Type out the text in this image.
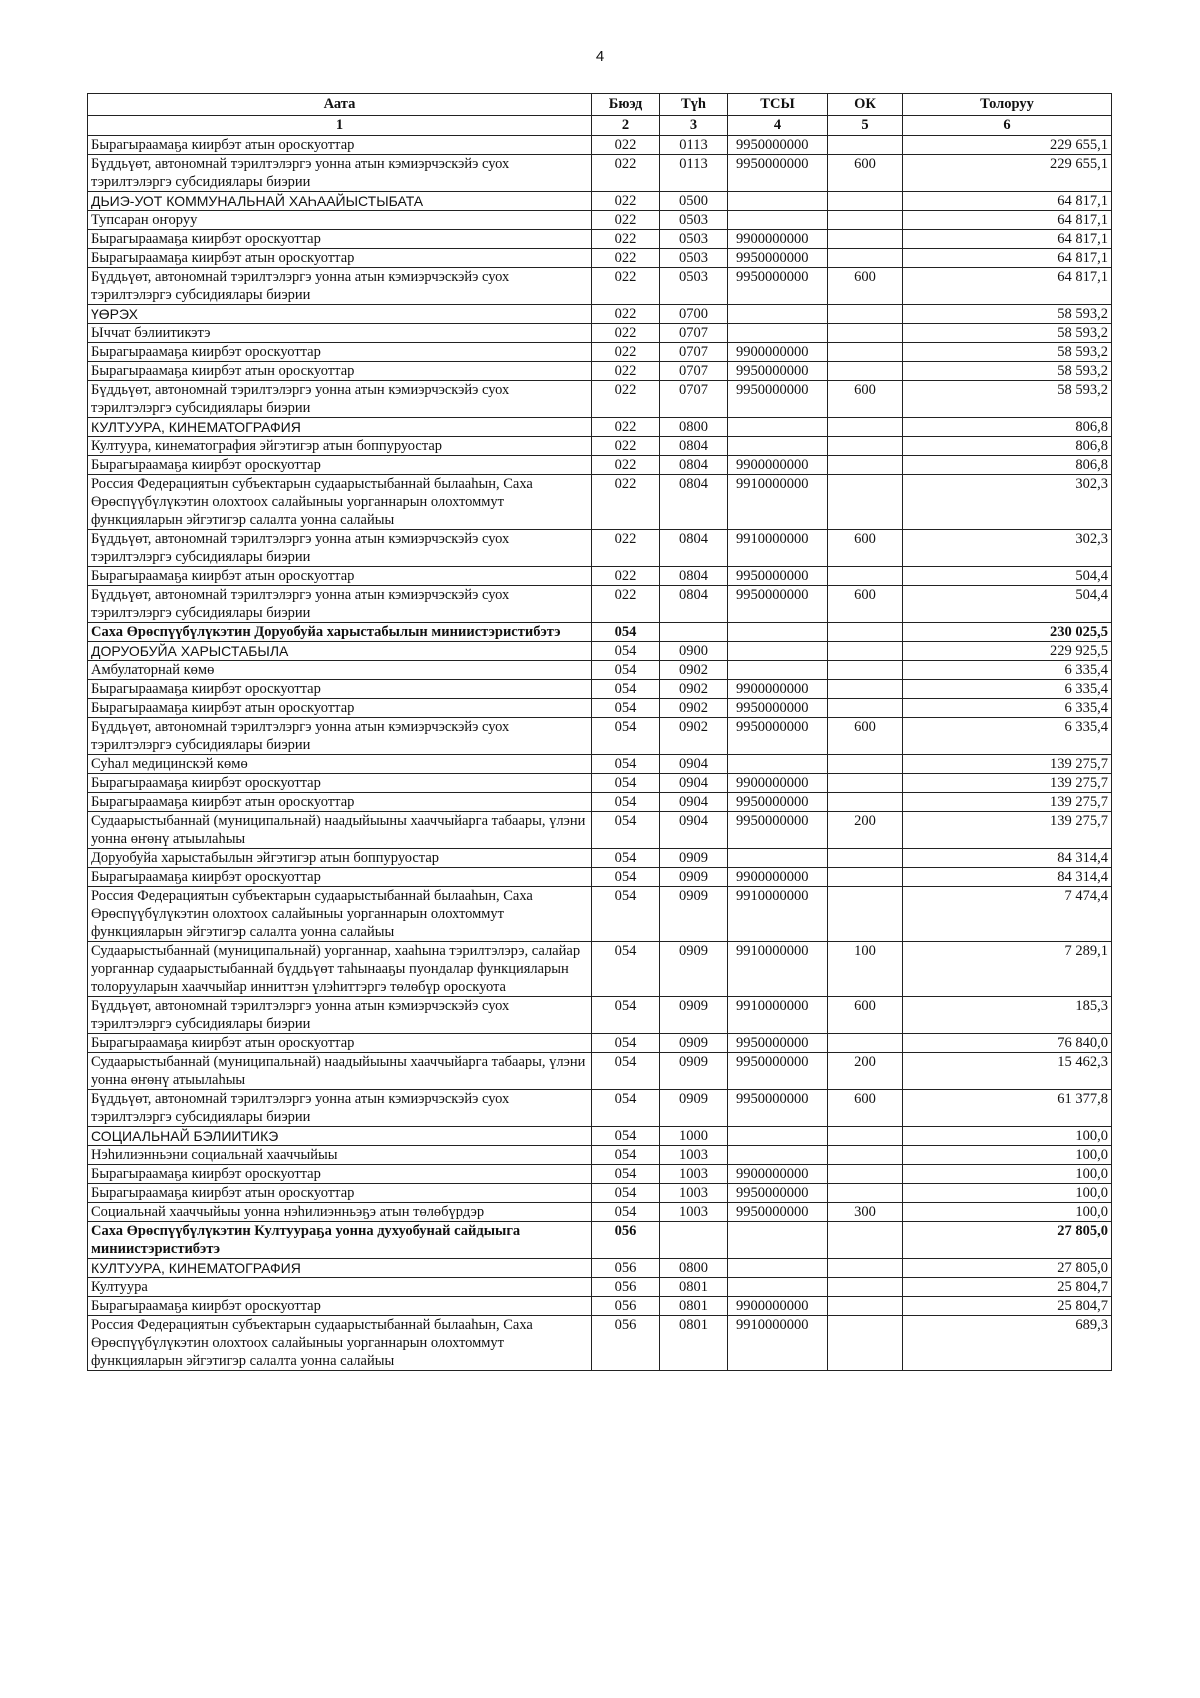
4
Аата	Бюэд	Түһ	ТСЫ	ОК	Толоруу
1	2	3	4	5	6
Бырагыраамаҕа киирбэт атын ороскуоттар	022	0113	9950000000		229 655,1
Бүддьүөт, автономнай тэрилтэлэргэ уонна атын кэмиэрчэскэйэ суох тэрилтэлэргэ субсидиялары биэрии	022	0113	9950000000	600	229 655,1
ДЬИЭ-УОТ КОММУНАЛЬНАЙ ХАҺААЙЫСТЫБАТА	022	0500			64 817,1
Тупсаран оҥоруу	022	0503			64 817,1
Бырагыраамаҕа киирбэт ороскуоттар	022	0503	9900000000		64 817,1
Бырагыраамаҕа киирбэт атын ороскуоттар	022	0503	9950000000		64 817,1
Бүддьүөт, автономнай тэрилтэлэргэ уонна атын кэмиэрчэскэйэ суох тэрилтэлэргэ субсидиялары биэрии	022	0503	9950000000	600	64 817,1
ҮӨРЭХ	022	0700			58 593,2
Ыччат бэлиитикэтэ	022	0707			58 593,2
Бырагыраамаҕа киирбэт ороскуоттар	022	0707	9900000000		58 593,2
Бырагыраамаҕа киирбэт атын ороскуоттар	022	0707	9950000000		58 593,2
Бүддьүөт, автономнай тэрилтэлэргэ уонна атын кэмиэрчэскэйэ суох тэрилтэлэргэ субсидиялары биэрии	022	0707	9950000000	600	58 593,2
КУЛТУУРА, КИНЕМАТОГРАФИЯ	022	0800			806,8
Култуура, кинематография эйгэтигэр атын боппуруостар	022	0804			806,8
Бырагыраамаҕа киирбэт ороскуоттар	022	0804	9900000000		806,8
Россия Федерациятын субъектарын судаарыстыбаннай былааһын, Саха Өрөспүүбүлүкэтин олохтоох салайыныы уорганнарын олохтоммут функцияларын эйгэтигэр салалта уонна салайыы	022	0804	9910000000		302,3
Бүддьүөт, автономнай тэрилтэлэргэ уонна атын кэмиэрчэскэйэ суох тэрилтэлэргэ субсидиялары биэрии	022	0804	9910000000	600	302,3
Бырагыраамаҕа киирбэт атын ороскуоттар	022	0804	9950000000		504,4
Бүддьүөт, автономнай тэрилтэлэргэ уонна атын кэмиэрчэскэйэ суох тэрилтэлэргэ субсидиялары биэрии	022	0804	9950000000	600	504,4
Саха Өрөспүүбүлүкэтин Доруобуйа харыстабылын миниистэристибэтэ	054				230 025,5
ДОРУОБУЙА ХАРЫСТАБЫЛА	054	0900			229 925,5
Амбулаторнай көмө	054	0902			6 335,4
Бырагыраамаҕа киирбэт ороскуоттар	054	0902	9900000000		6 335,4
Бырагыраамаҕа киирбэт атын ороскуоттар	054	0902	9950000000		6 335,4
Бүддьүөт, автономнай тэрилтэлэргэ уонна атын кэмиэрчэскэйэ суох тэрилтэлэргэ субсидиялары биэрии	054	0902	9950000000	600	6 335,4
Суһал медицинскэй көмө	054	0904			139 275,7
Бырагыраамаҕа киирбэт ороскуоттар	054	0904	9900000000		139 275,7
Бырагыраамаҕа киирбэт атын ороскуоттар	054	0904	9950000000		139 275,7
Судаарыстыбаннай (муниципальнай) наадыйыыны хааччыйарга табаары, үлэни уонна өҥөнү атыылаһыы	054	0904	9950000000	200	139 275,7
Доруобуйа харыстабылын эйгэтигэр атын боппуруостар	054	0909			84 314,4
Бырагыраамаҕа киирбэт ороскуоттар	054	0909	9900000000		84 314,4
Россия Федерациятын субъектарын судаарыстыбаннай былааһын, Саха Өрөспүүбүлүкэтин олохтоох салайыныы уорганнарын олохтоммут функцияларын эйгэтигэр салалта уонна салайыы	054	0909	9910000000		7 474,4
Судаарыстыбаннай (муниципальнай) уорганнар, хааһына тэрилтэлэрэ, салайар уорганнар судаарыстыбаннай бүддьүөт таһынааҕы пуондалар функцияларын толорууларын хааччыйар инниттэн үлэһиттэргэ төлөбүр ороскуота	054	0909	9910000000	100	7 289,1
Бүддьүөт, автономнай тэрилтэлэргэ уонна атын кэмиэрчэскэйэ суох тэрилтэлэргэ субсидиялары биэрии	054	0909	9910000000	600	185,3
Бырагыраамаҕа киирбэт атын ороскуоттар	054	0909	9950000000		76 840,0
Судаарыстыбаннай (муниципальнай) наадыйыыны хааччыйарга табаары, үлэни уонна өҥөнү атыылаһыы	054	0909	9950000000	200	15 462,3
Бүддьүөт, автономнай тэрилтэлэргэ уонна атын кэмиэрчэскэйэ суох тэрилтэлэргэ субсидиялары биэрии	054	0909	9950000000	600	61 377,8
СОЦИАЛЬНАЙ БЭЛИИТИКЭ	054	1000			100,0
Нэһилиэнньэни социальнай хааччыйыы	054	1003			100,0
Бырагыраамаҕа киирбэт ороскуоттар	054	1003	9900000000		100,0
Бырагыраамаҕа киирбэт атын ороскуоттар	054	1003	9950000000		100,0
Социальнай хааччыйыы уонна нэһилиэнньэҕэ атын төлөбүрдэр	054	1003	9950000000	300	100,0
Саха Өрөспүүбүлүкэтин Култуураҕа уонна духуобунай сайдыыга миниистэристибэтэ	056				27 805,0
КУЛТУУРА, КИНЕМАТОГРАФИЯ	056	0800			27 805,0
Култуура	056	0801			25 804,7
Бырагыраамаҕа киирбэт ороскуоттар	056	0801	9900000000		25 804,7
Россия Федерациятын субъектарын судаарыстыбаннай былааһын, Саха Өрөспүүбүлүкэтин олохтоох салайыныы уорганнарын олохтоммут функцияларын эйгэтигэр салалта уонна салайыы	056	0801	9910000000		689,3
